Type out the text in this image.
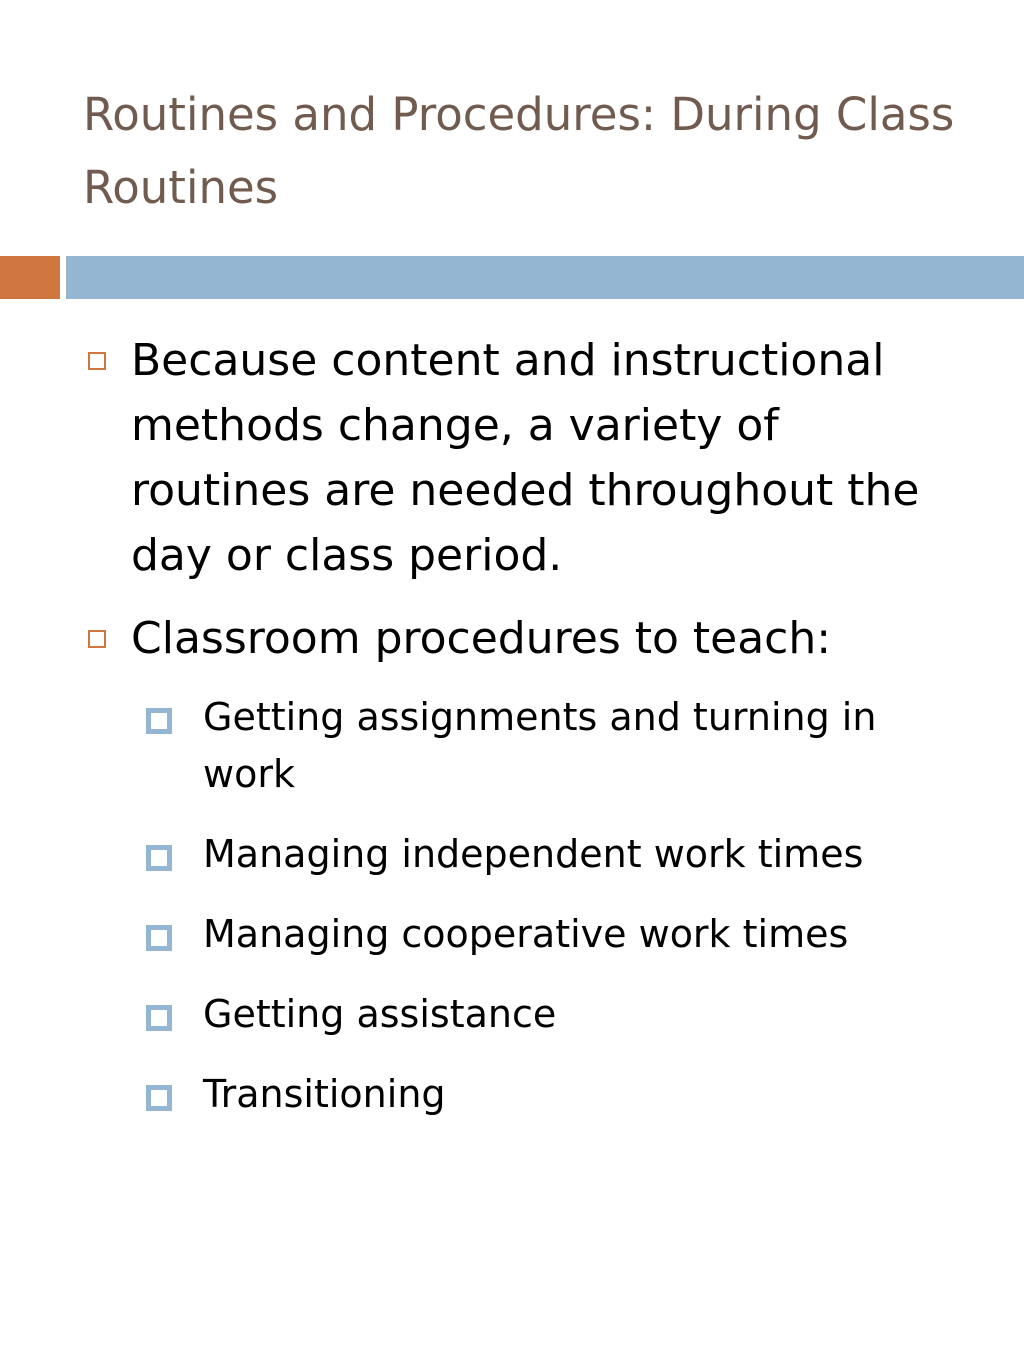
Routines and Procedures: During Class Routines
Because content and instructional methods change, a variety of routines are needed throughout the day or class period.
Classroom procedures to teach:
Getting assignments and turning in work
Managing independent work times
Managing cooperative work times
Getting assistance
Transitioning
